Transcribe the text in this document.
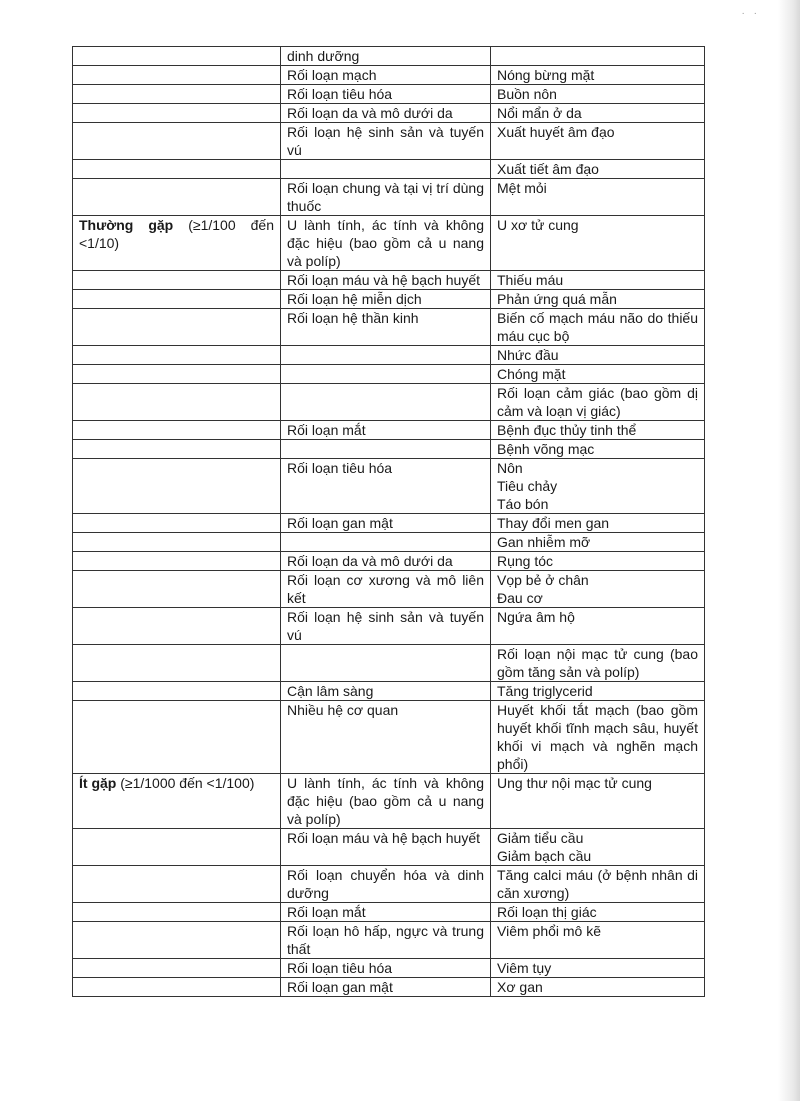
· ·
	dinh dưỡng	
	Rối loạn mạch	Nóng bừng mặt
	Rối loạn tiêu hóa	Buồn nôn
	Rối loạn da và mô dưới da	Nổi mẩn ở da
	Rối loạn hệ sinh sản và tuyến vú	Xuất huyết âm đạo
		Xuất tiết âm đạo
	Rối loạn chung và tại vị trí dùng thuốc	Mệt mỏi
Thường gặp (≥1/100 đến <1/10)	U lành tính, ác tính và không đặc hiệu (bao gồm cả u nang và políp)	U xơ tử cung
	Rối loạn máu và hệ bạch huyết	Thiếu máu
	Rối loạn hệ miễn dịch	Phản ứng quá mẫn
	Rối loạn hệ thần kinh	Biến cố mạch máu não do thiếu máu cục bộ
		Nhức đầu
		Chóng mặt
		Rối loạn cảm giác (bao gồm dị cảm và loạn vị giác)
	Rối loạn mắt	Bệnh đục thủy tinh thể
		Bệnh võng mạc
	Rối loạn tiêu hóa	Nôn
Tiêu chảy
Táo bón
	Rối loạn gan mật	Thay đổi men gan
		Gan nhiễm mỡ
	Rối loạn da và mô dưới da	Rụng tóc
	Rối loạn cơ xương và mô liên kết	Vọp bẻ ở chân
Đau cơ
	Rối loạn hệ sinh sản và tuyến vú	Ngứa âm hộ
		Rối loạn nội mạc tử cung (bao gồm tăng sản và políp)
	Cận lâm sàng	Tăng triglycerid
	Nhiều hệ cơ quan	Huyết khối tắt mạch (bao gồm huyết khối tĩnh mạch sâu, huyết khối vi mạch và nghẽn mạch phổi)
Ít gặp (≥1/1000 đến <1/100)	U lành tính, ác tính và không đặc hiệu (bao gồm cả u nang và políp)	Ung thư nội mạc tử cung
	Rối loạn máu và hệ bạch huyết	Giảm tiểu cầu
Giảm bạch cầu
	Rối loạn chuyển hóa và dinh dưỡng	Tăng calci máu (ở bệnh nhân di căn xương)
	Rối loạn mắt	Rối loạn thị giác
	Rối loạn hô hấp, ngực và trung thất	Viêm phổi mô kẽ
	Rối loạn tiêu hóa	Viêm tụy
	Rối loạn gan mật	Xơ gan
